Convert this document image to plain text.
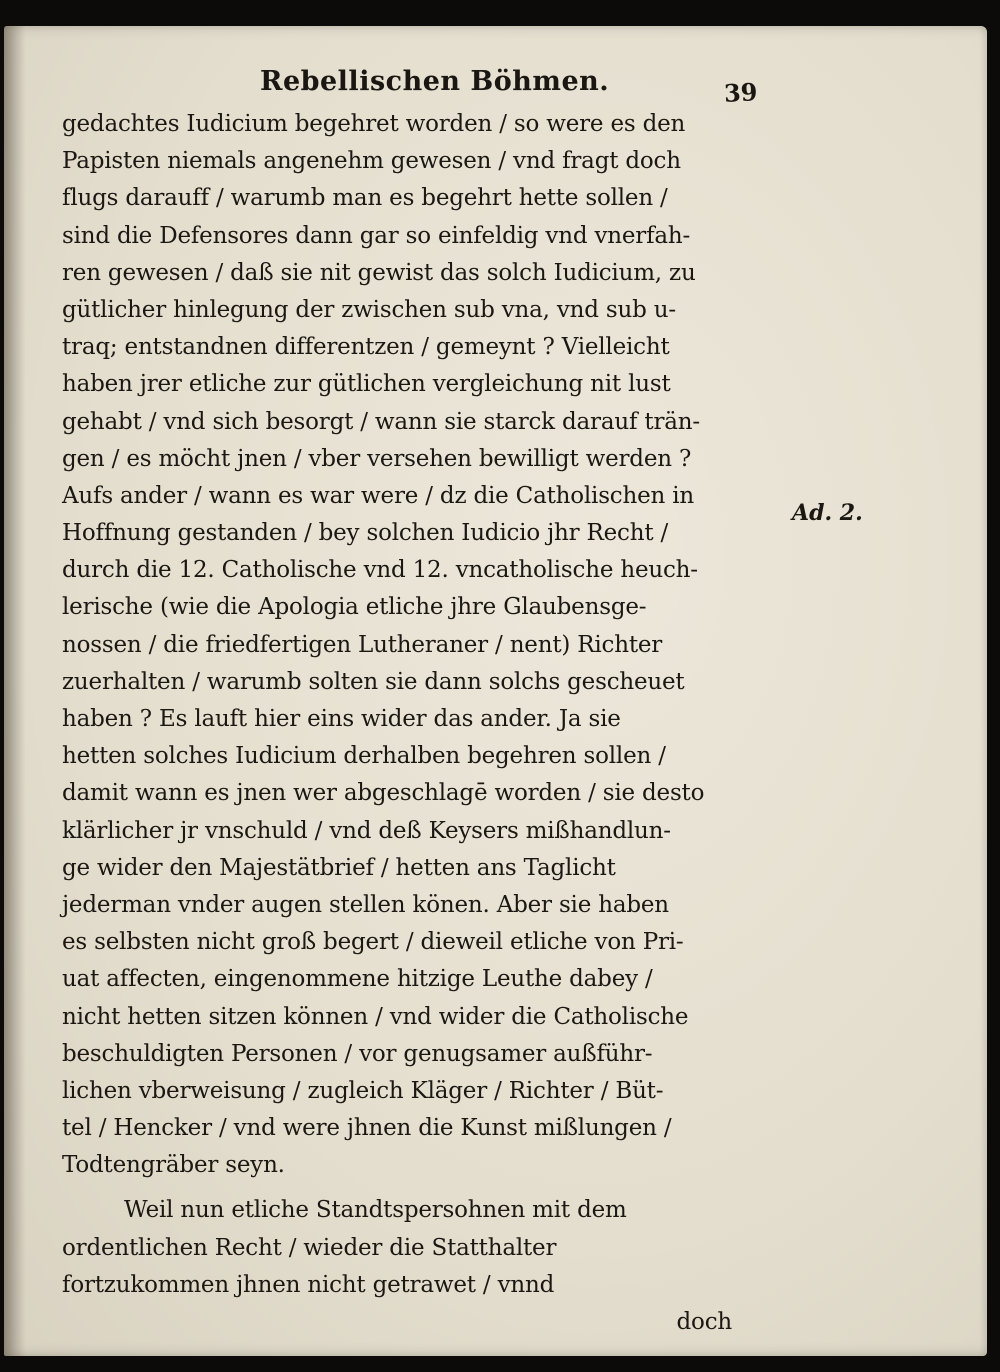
Rebellischen Böhmen.	39
gedachtes Iudicium begehret worden / so were es den
Papisten niemals angenehm gewesen / vnd fragt doch
flugs darauff / warumb man es begehrt hette sollen /
sind die Defensores dann gar so einfeldig vnd vnerfah-
ren gewesen / daß sie nit gewist das solch Iudicium, zu
gütlicher hinlegung der zwischen sub vna, vnd sub u-
traq; entstandnen differentzen / gemeynt ? Vielleicht
haben jrer etliche zur gütlichen vergleichung nit lust
gehabt / vnd sich besorgt / wann sie starck darauf trän-
gen / es möcht jnen / vber versehen bewilligt werden ?
Aufs ander / wann es war were / dz die Catholischen in
Hoffnung gestanden / bey solchen Iudicio jhr Recht /
durch die 12. Catholische vnd 12. vncatholische heuch-
lerische (wie die Apologia etliche jhre Glaubensge-
nossen / die friedfertigen Lutheraner / nent) Richter
zuerhalten / warumb solten sie dann solchs gescheuet
haben ? Es lauft hier eins wider das ander. Ja sie
hetten solches Iudicium derhalben begehren sollen /
damit wann es jnen wer abgeschlagē worden / sie desto
klärlicher jr vnschuld / vnd deß Keysers mißhandlun-
ge wider den Majestätbrief / hetten ans Taglicht
jederman vnder augen stellen könen. Aber sie haben
es selbsten nicht groß begert / dieweil etliche von Pri-
uat affecten, eingenommene hitzige Leuthe dabey /
nicht hetten sitzen können / vnd wider die Catholische
beschuldigten Personen / vor genugsamer außführ-
lichen vberweisung / zugleich Kläger / Richter / Büt-
tel / Hencker / vnd were jhnen die Kunst mißlungen /
Todtengräber seyn.
Weil nun etliche Standtspersohnen mit dem
ordentlichen Recht / wieder die Statthalter
fortzukommen jhnen nicht getrawet / vnnd
doch
Ad. 2.
